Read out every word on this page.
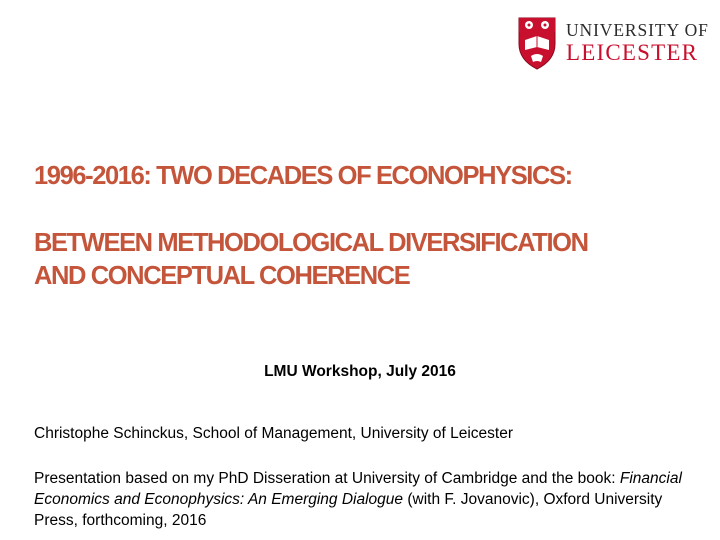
UNIVERSITY OF
LEICESTER
1996-2016: TWO DECADES OF ECONOPHYSICS:
BETWEEN METHODOLOGICAL DIVERSIFICATION
AND CONCEPTUAL COHERENCE
LMU Workshop, July 2016
Christophe Schinckus, School of Management, University of Leicester
Presentation based on my PhD Disseration at University of Cambridge and the book: Financial Economics and Econophysics: An Emerging Dialogue (with F. Jovanovic), Oxford University Press, forthcoming, 2016
